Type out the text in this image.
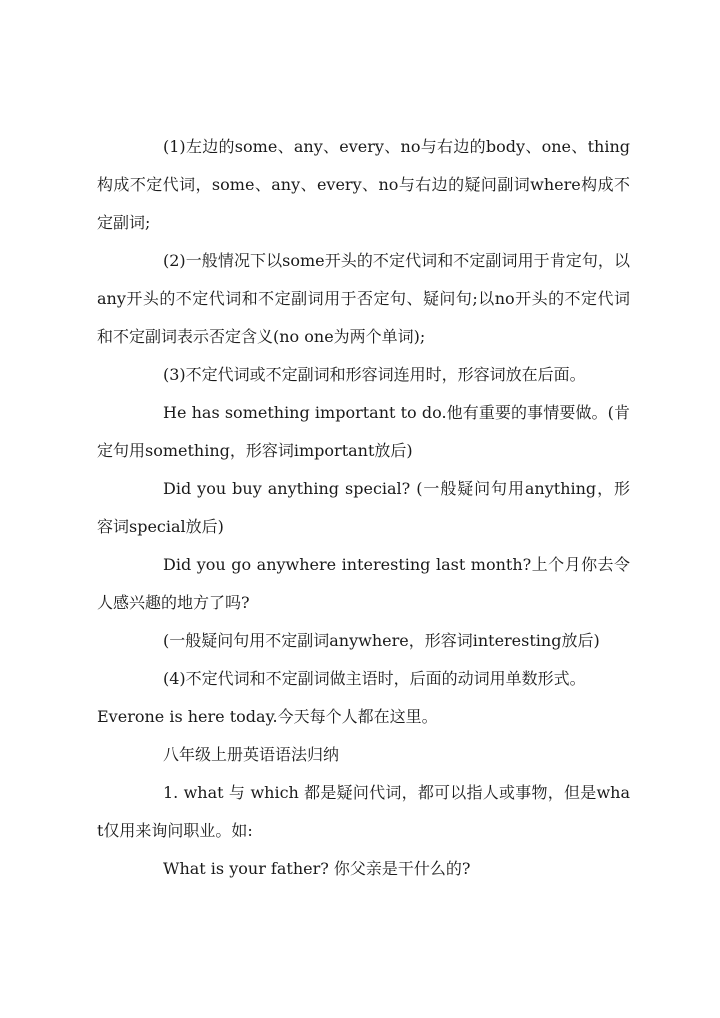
(1)左边的some、any、every、no与右边的body、one、thing构成不定代词，some、any、every、no与右边的疑问副词where构成不定副词;

(2)一般情况下以some开头的不定代词和不定副词用于肯定句，以any开头的不定代词和不定副词用于否定句、疑问句;以no开头的不定代词和不定副词表示否定含义(no one为两个单词);

(3)不定代词或不定副词和形容词连用时，形容词放在后面。

He has something important to do.他有重要的事情要做。(肯定句用something，形容词important放后)

Did you buy anything special? (一般疑问句用anything，形容词special放后)

Did you go anywhere interesting last month?上个月你去令人感兴趣的地方了吗?

(一般疑问句用不定副词anywhere，形容词interesting放后)

(4)不定代词和不定副词做主语时，后面的动词用单数形式。

Everone is here today.今天每个人都在这里。

八年级上册英语语法归纳

1. what 与 which 都是疑问代词，都可以指人或事物，但是what仅用来询问职业。如:

What is your father? 你父亲是干什么的?
